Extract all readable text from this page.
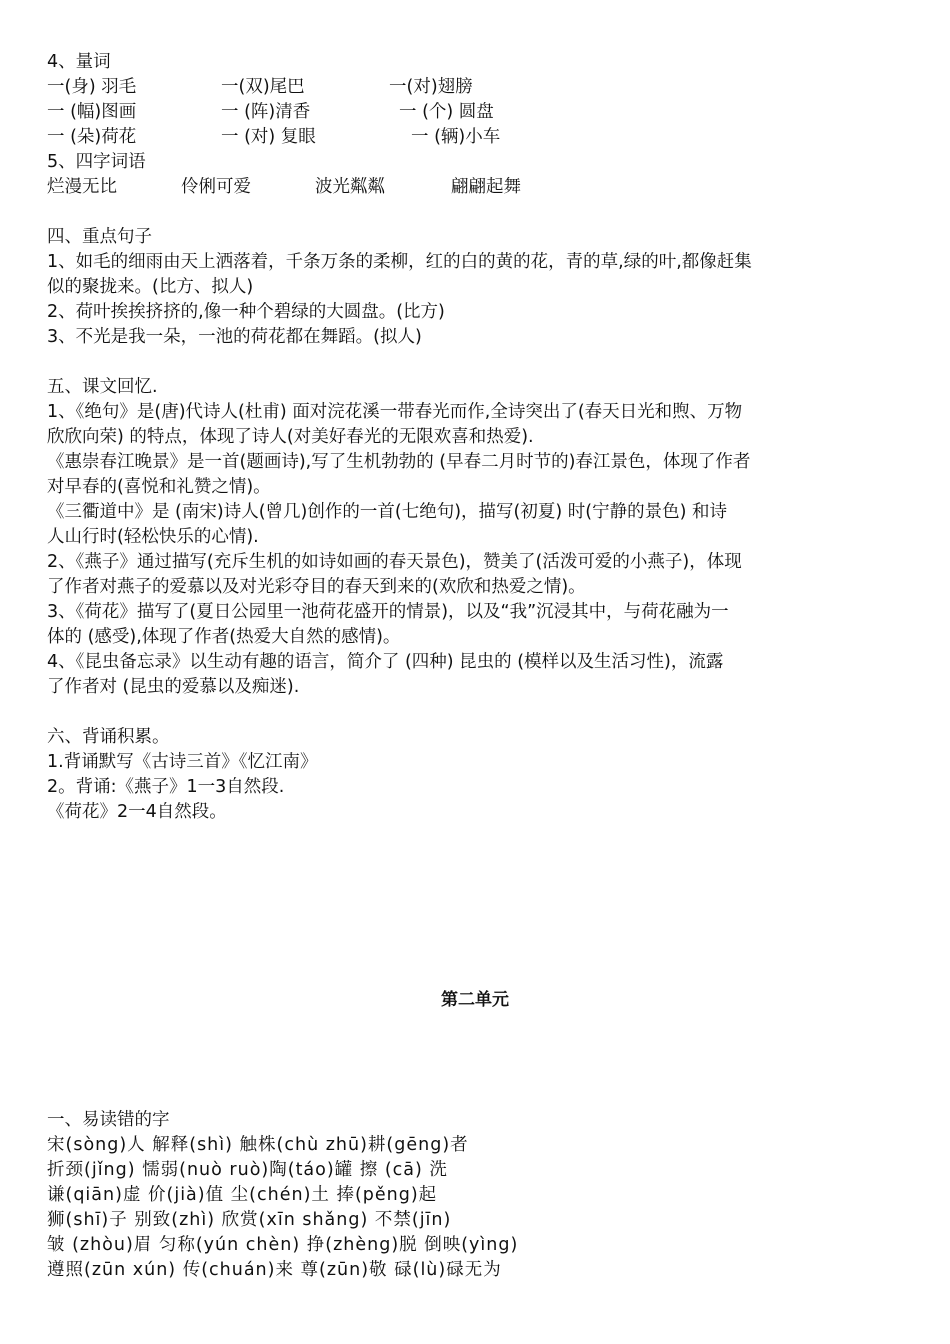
4、量词
一(身) 羽毛	一(双)尾巴	一(对)翅膀
一 (幅)图画	一 (阵)清香	一 (个) 圆盘
一 (朵)荷花	一 (对) 复眼	一 (辆)小车
5、四字词语
烂漫无比	伶俐可爱	波光粼粼	翩翩起舞
四、重点句子
1、如毛的细雨由天上洒落着，千条万条的柔柳，红的白的黄的花，青的草,绿的叶,都像赶集
似的聚拢来。(比方、拟人)
2、荷叶挨挨挤挤的,像一种个碧绿的大圆盘。(比方)
3、不光是我一朵，一池的荷花都在舞蹈。(拟人)
五、课文回忆.
1、《绝句》是(唐)代诗人(杜甫) 面对浣花溪一带春光而作,全诗突出了(春天日光和煦、万物
欣欣向荣) 的特点，体现了诗人(对美好春光的无限欢喜和热爱).
《惠崇春江晚景》是一首(题画诗),写了生机勃勃的 (早春二月时节的)春江景色，体现了作者
对早春的(喜悦和礼赞之情)。
《三衢道中》是 (南宋)诗人(曾几)创作的一首(七绝句)，描写(初夏) 时(宁静的景色) 和诗
人山行时(轻松快乐的心情).
2、《燕子》通过描写(充斥生机的如诗如画的春天景色)，赞美了(活泼可爱的小燕子)，体现
了作者对燕子的爱慕以及对光彩夺目的春天到来的(欢欣和热爱之情)。
3、《荷花》描写了(夏日公园里一池荷花盛开的情景)，以及“我”沉浸其中，与荷花融为一
体的 (感受),体现了作者(热爱大自然的感情)。
4、《昆虫备忘录》以生动有趣的语言，简介了 (四种) 昆虫的 (模样以及生活习性)，流露
了作者对 (昆虫的爱慕以及痴迷).
六、背诵积累。
1.背诵默写《古诗三首》《忆江南》
2。背诵:《燕子》1一3自然段.
《荷花》2一4自然段。
第二单元
一、易读错的字
宋(sòng)人 解释(shì) 触株(chù zhū)耕(gēng)者
折颈(jǐng) 懦弱(nuò ruò)陶(táo)罐 擦 (cā) 洗
谦(qiān)虚 价(jià)值 尘(chén)土 捧(pěng)起
狮(shī)子 别致(zhì) 欣赏(xīn shǎng) 不禁(jīn)
皱 (zhòu)眉 匀称(yún chèn) 挣(zhèng)脱 倒映(yìng)
遵照(zūn xún) 传(chuán)来 尊(zūn)敬 碌(lù)碌无为
